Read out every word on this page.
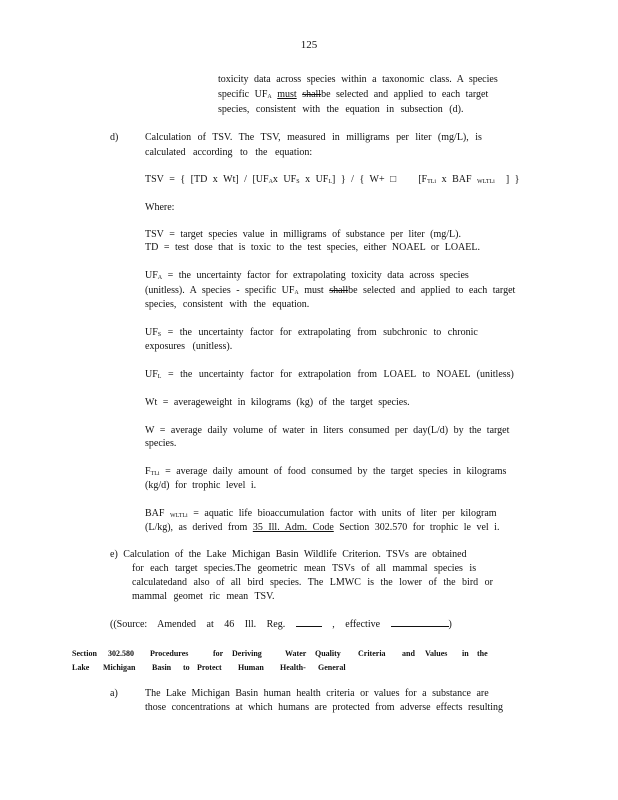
125
toxicity data across species within a taxonomic class. A species
specific $UF_A$ must shallbe selected and applied to each target
species, consistent with the equation in subsection (d).
d)	Calculation of TSV. The TSV, measured in milligrams per liter (mg/L), is
calculated according to the equation:
TSV = { [TD x $Wt] / [UF_Ax$ $UF_S$ x $UF_L$] } / { W+ □ [$F_{TLi}$ x BAF $_{WLTLi}$ ] }
Where:
TSV = target species value in milligrams of substance per liter (mg/L).
TD = test dose that is toxic to the test species, either NOAEL or LOAEL.
$UF_A$ = the uncertainty factor for extrapolating toxicity data across species
(unitless). A species - specific $UF_A$ must shallbe selected and applied to each target
species, consistent with the equation.
$UF_S$ = the uncertainty factor for extrapolating from subchronic to chronic
exposures (unitless).
$UF_L$ = the uncertainty factor for extrapolation from LOAEL to NOAEL (unitless)
Wt = averageweight in kilograms (kg) of the target species.
W = average daily volume of water in liters consumed per day(L/d) by the target
species.
$F_{TLi}$ = average daily amount of food consumed by the target species in kilograms
(kg/d) for trophic level i.
BAF $_{WLTLi}$ = aquatic life bioaccumulation factor with units of liter per kilogram
(L/kg), as derived from 35 Ill. Adm. Code Section 302.570 for trophic le vel i.
e) Calculation of the Lake Michigan Basin Wildlife Criterion. TSVs are obtained
for each target species.The geometric mean TSVs of all mammal species is
calculatedand also of all bird species. The LMWC is the lower of the bird or
mammal geomet ric mean TSV.
((Source: Amended at 46 Ill. Reg.	, effective	)
Section 302.580 Procedures	for Deriving	Water Quality Criteria and Values in the
Lake Michigan Basin to Protect Human Health- General
a)	The Lake Michigan Basin human health criteria or values for a substance are
those concentrations at which humans are protected from adverse effects resulting
